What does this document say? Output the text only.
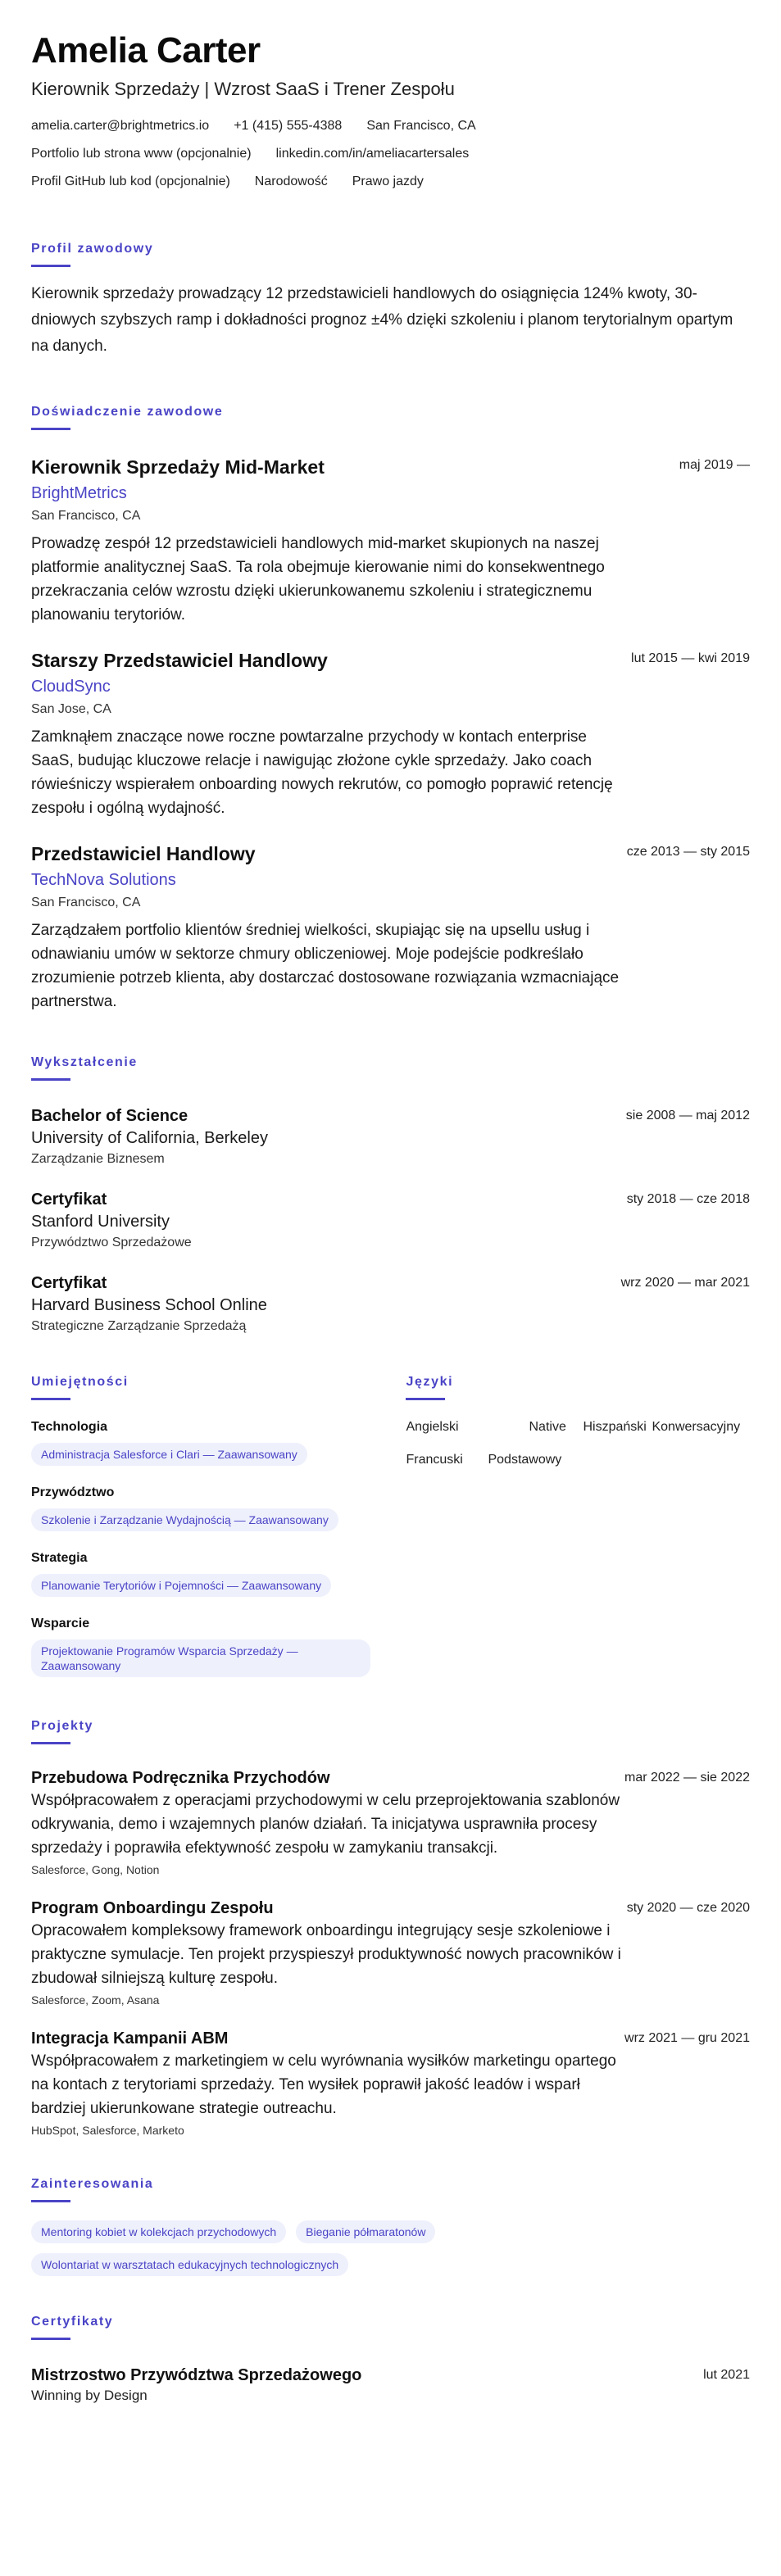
Amelia Carter
Kierownik Sprzedaży | Wzrost SaaS i Trener Zespołu
amelia.carter@brightmetrics.io +1 (415) 555-4388 San Francisco, CA
Portfolio lub strona www (opcjonalnie) linkedin.com/in/ameliacartersales
Profil GitHub lub kod (opcjonalnie) Narodowość Prawo jazdy
Profil zawodowy
Kierownik sprzedaży prowadzący 12 przedstawicieli handlowych do osiągnięcia 124% kwoty, 30-dniowych szybszych ramp i dokładności prognoz ±4% dzięki szkoleniu i planom terytorialnym opartym na danych.
Doświadczenie zawodowe
Kierownik Sprzedaży Mid-Market
BrightMetrics
San Francisco, CA
Prowadzę zespół 12 przedstawicieli handlowych mid-market skupionych na naszej platformie analitycznej SaaS. Ta rola obejmuje kierowanie nimi do konsekwentnego przekraczania celów wzrostu dzięki ukierunkowanemu szkoleniu i strategicznemu planowaniu terytoriów.
maj 2019 —
Starszy Przedstawiciel Handlowy
CloudSync
San Jose, CA
Zamknąłem znaczące nowe roczne powtarzalne przychody w kontach enterprise SaaS, budując kluczowe relacje i nawigując złożone cykle sprzedaży. Jako coach rówieśniczy wspierałem onboarding nowych rekrutów, co pomogło poprawić retencję zespołu i ogólną wydajność.
lut 2015 — kwi 2019
Przedstawiciel Handlowy
TechNova Solutions
San Francisco, CA
Zarządzałem portfolio klientów średniej wielkości, skupiając się na upsellu usług i odnawianiu umów w sektorze chmury obliczeniowej. Moje podejście podkreślało zrozumienie potrzeb klienta, aby dostarczać dostosowane rozwiązania wzmacniające partnerstwa.
cze 2013 — sty 2015
Wykształcenie
Bachelor of Science
University of California, Berkeley
Zarządzanie Biznesem
sie 2008 — maj 2012
Certyfikat
Stanford University
Przywództwo Sprzedażowe
sty 2018 — cze 2018
Certyfikat
Harvard Business School Online
Strategiczne Zarządzanie Sprzedażą
wrz 2020 — mar 2021
Umiejętności
Technologia
Administracja Salesforce i Clari — Zaawansowany
Przywództwo
Szkolenie i Zarządzanie Wydajnością — Zaawansowany
Strategia
Planowanie Terytoriów i Pojemności — Zaawansowany
Wsparcie
Projektowanie Programów Wsparcia Sprzedaży — Zaawansowany
Języki
Angielski	Native	Hiszpański Konwersacyjny
Francuski	Podstawowy
Projekty
Przebudowa Podręcznika Przychodów
Współpracowałem z operacjami przychodowymi w celu przeprojektowania szablonów odkrywania, demo i wzajemnych planów działań. Ta inicjatywa usprawniła procesy sprzedaży i poprawiła efektywność zespołu w zamykaniu transakcji.
Salesforce, Gong, Notion
mar 2022 — sie 2022
Program Onboardingu Zespołu
Opracowałem kompleksowy framework onboardingu integrujący sesje szkoleniowe i praktyczne symulacje. Ten projekt przyspieszył produktywność nowych pracowników i zbudował silniejszą kulturę zespołu.
Salesforce, Zoom, Asana
sty 2020 — cze 2020
Integracja Kampanii ABM
Współpracowałem z marketingiem w celu wyrównania wysiłków marketingu opartego na kontach z terytoriami sprzedaży. Ten wysiłek poprawił jakość leadów i wsparł bardziej ukierunkowane strategie outreachu.
HubSpot, Salesforce, Marketo
wrz 2021 — gru 2021
Zainteresowania
Mentoring kobiet w kolekcjach przychodowych	Bieganie półmaratonów
Wolontariat w warsztatach edukacyjnych technologicznych
Certyfikaty
Mistrzostwo Przywództwa Sprzedażowego
Winning by Design
lut 2021
